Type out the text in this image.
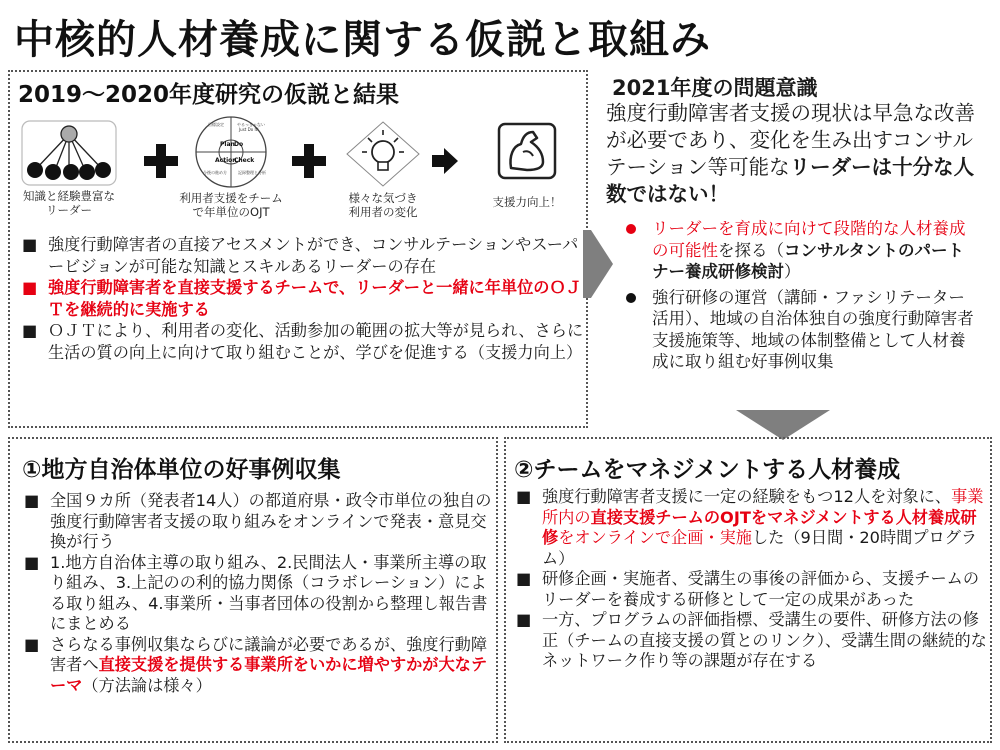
中核的人材養成に関する仮説と取組み
2019～2020年度研究の仮説と結果
知識と経験豊富な
リーダー
目標設定	やるっきゃない
Just Do It!
Plan Do
Action
Check
今後の進め方	記録整理と分析
利用者支援をチーム
で年単位のOJT
様々な気づき
利用者の変化
支援力向上！
■ 強度行動障害者の直接アセスメントができ、コンサルテーションやスーパービジョンが可能な知識とスキルあるリーダーの存在
■ 強度行動障害者を直接支援するチームで、リーダーと一緒に年単位のＯＪＴを継続的に実施する
■ ＯＪＴにより、利用者の変化、活動参加の範囲の拡大等が見られ、さらに生活の質の向上に向けて取り組むことが、学びを促進する（支援力向上）
2021年度の問題意識
強度行動障害者支援の現状は早急な改善が必要であり、変化を生み出すコンサルテーション等可能なリーダーは十分な人数ではない！
リーダーを育成に向けて段階的な人材養成の可能性を探る（コンサルタントのパートナー養成研修検討）
強行研修の運営（講師・ファシリテーター活用）、地域の自治体独自の強度行動障害者支援施策等、地域の体制整備として人材養成に取り組む好事例収集
①地方自治体単位の好事例収集
■ 全国９カ所（発表者14人）の都道府県・政令市単位の独自の強度行動障害者支援の取り組みをオンラインで発表・意見交換が行う
■ 1.地方自治体主導の取り組み、2.民間法人・事業所主導の取り組み、3.上記のの利的協力関係（コラボレーション）による取り組み、4.事業所・当事者団体の役割から整理し報告書にまとめる
■ さらなる事例収集ならびに議論が必要であるが、強度行動障害者へ直接支援を提供する事業所をいかに増やすかが大なテーマ（方法論は様々）
②チームをマネジメントする人材養成
■ 強度行動障害者支援に一定の経験をもつ12人を対象に、事業所内の直接支援チームのOJTをマネジメントする人材養成研修をオンラインで企画・実施した（9日間・20時間プログラム）
■ 研修企画・実施者、受講生の事後の評価から、支援チームのリーダーを養成する研修として一定の成果があった
■ 一方、プログラムの評価指標、受講生の要件、研修方法の修正（チームの直接支援の質とのリンク）、受講生間の継続的なネットワーク作り等の課題が存在する
